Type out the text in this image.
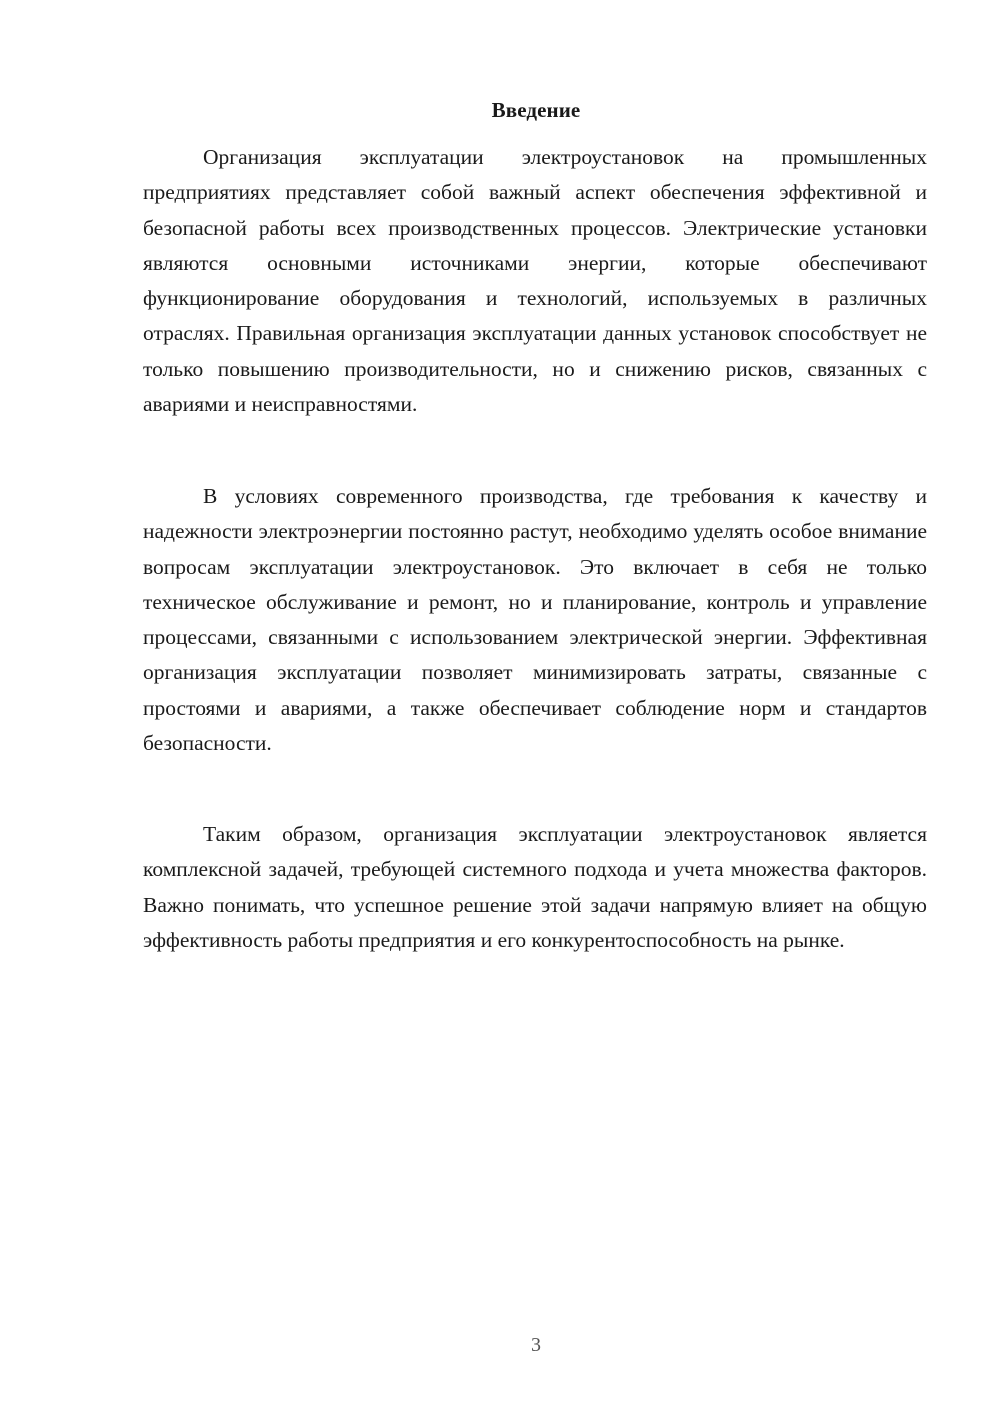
Введение

Организация эксплуатации электроустановок на промышленных предприятиях представляет собой важный аспект обеспечения эффективной и безопасной работы всех производственных процессов. Электрические установки являются основными источниками энергии, которые обеспечивают функционирование оборудования и технологий, используемых в различных отраслях. Правильная организация эксплуатации данных установок способствует не только повышению производительности, но и снижению рисков, связанных с авариями и неисправностями.

В условиях современного производства, где требования к качеству и надежности электроэнергии постоянно растут, необходимо уделять особое внимание вопросам эксплуатации электроустановок. Это включает в себя не только техническое обслуживание и ремонт, но и планирование, контроль и управление процессами, связанными с использованием электрической энергии. Эффективная организация эксплуатации позволяет минимизировать затраты, связанные с простоями и авариями, а также обеспечивает соблюдение норм и стандартов безопасности.

Таким образом, организация эксплуатации электроустановок является комплексной задачей, требующей системного подхода и учета множества факторов. Важно понимать, что успешное решение этой задачи напрямую влияет на общую эффективность работы предприятия и его конкурентоспособность на рынке.

3
